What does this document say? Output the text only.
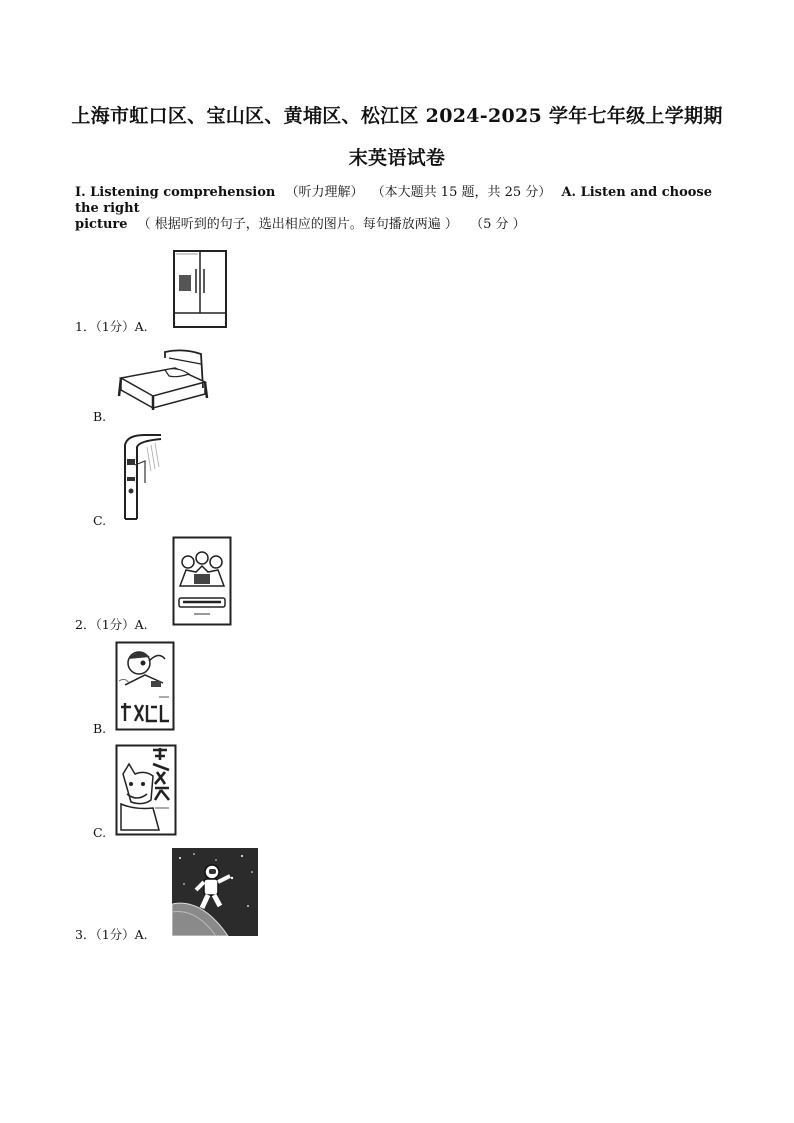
上海市虹口区、宝山区、黄埔区、松江区 2024-2025 学年七年级上学期期
末英语试卷
I. Listening comprehension （听力理解） （本大题共 15 题，共 25 分） A. Listen and choose the right
picture （ 根据听到的句子，选出相应的图片。每句播放两遍 ） （5 分 ）
1．（1分）A.
B.
C.
2．（1分）A.
B.
C.
3．（1分）A.
